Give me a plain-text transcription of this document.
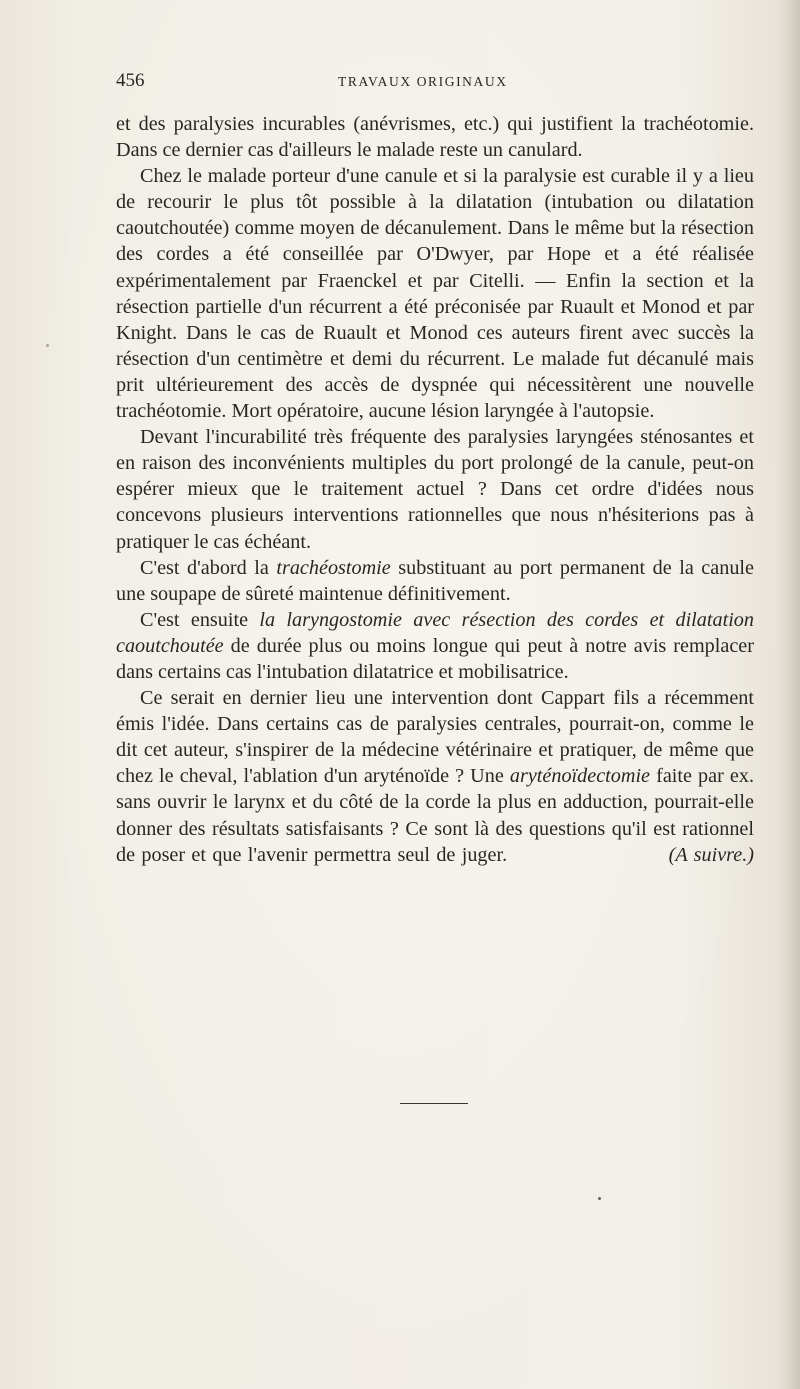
456	TRAVAUX ORIGINAUX

et des paralysies incurables (anévrismes, etc.) qui justifient la trachéotomie. Dans ce dernier cas d'ailleurs le malade reste un canulard.

Chez le malade porteur d'une canule et si la paralysie est curable il y a lieu de recourir le plus tôt possible à la dilatation (intubation ou dilatation caoutchoutée) comme moyen de décanulement. Dans le même but la résection des cordes a été conseillée par O'Dwyer, par Hope et a été réalisée expérimentalement par Fraenckel et par Citelli. — Enfin la section et la résection partielle d'un récurrent a été préconisée par Ruault et Monod et par Knight. Dans le cas de Ruault et Monod ces auteurs firent avec succès la résection d'un centimètre et demi du récurrent. Le malade fut décanulé mais prit ultérieurement des accès de dyspnée qui nécessitèrent une nouvelle trachéotomie. Mort opératoire, aucune lésion laryngée à l'autopsie.

Devant l'incurabilité très fréquente des paralysies laryngées sténosantes et en raison des inconvénients multiples du port prolongé de la canule, peut-on espérer mieux que le traitement actuel ? Dans cet ordre d'idées nous concevons plusieurs interventions rationnelles que nous n'hésiterions pas à pratiquer le cas échéant.

C'est d'abord la trachéostomie substituant au port permanent de la canule une soupape de sûreté maintenue définitivement.

C'est ensuite la laryngostomie avec résection des cordes et dilatation caoutchoutée de durée plus ou moins longue qui peut à notre avis remplacer dans certains cas l'intubation dilatatrice et mobilisatrice.

Ce serait en dernier lieu une intervention dont Cappart fils a récemment émis l'idée. Dans certains cas de paralysies centrales, pourrait-on, comme le dit cet auteur, s'inspirer de la médecine vétérinaire et pratiquer, de même que chez le cheval, l'ablation d'un aryténoïde ? Une aryténoïdectomie faite par ex. sans ouvrir le larynx et du côté de la corde la plus en adduction, pourrait-elle donner des résultats satisfaisants ? Ce sont là des questions qu'il est rationnel de poser et que l'avenir permettra seul de juger.        	(A suivre.)
